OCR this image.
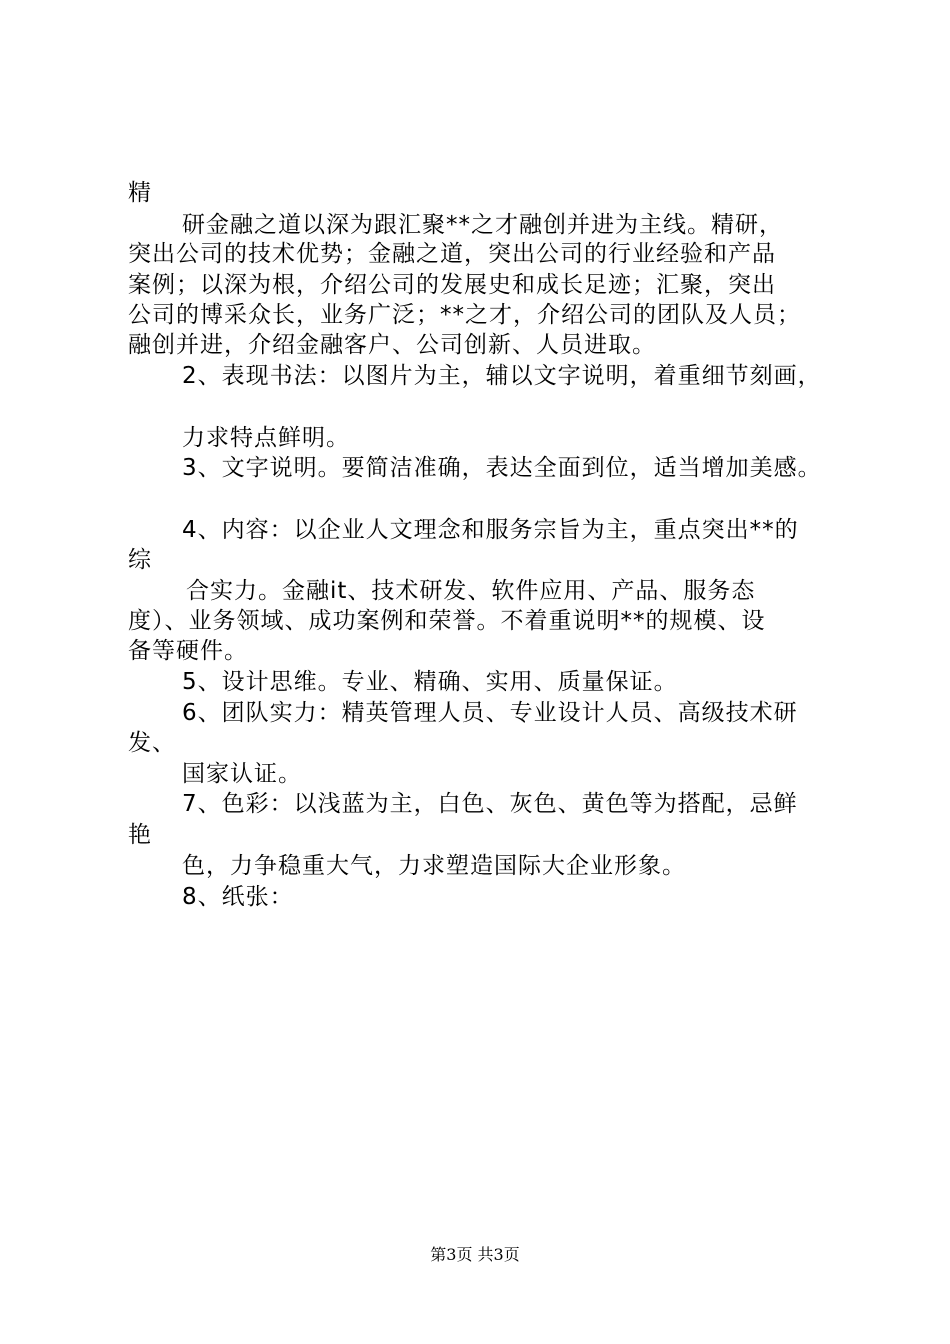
精
研金融之道以深为跟汇聚**之才融创并进为主线。精研，
突出公司的技术优势；金融之道，突出公司的行业经验和产品
案例；以深为根，介绍公司的发展史和成长足迹；汇聚，突出
公司的博采众长，业务广泛；**之才，介绍公司的团队及人员；
融创并进，介绍金融客户、公司创新、人员进取。
2、表现书法：以图片为主，辅以文字说明，着重细节刻画，
力求特点鲜明。
3、文字说明。要简洁准确，表达全面到位，适当增加美感。
4、内容：以企业人文理念和服务宗旨为主，重点突出**的
综
合实力。金融it、技术研发、软件应用、产品、服务态
度）、业务领域、成功案例和荣誉。不着重说明**的规模、设
备等硬件。
5、设计思维。专业、精确、实用、质量保证。
6、团队实力：精英管理人员、专业设计人员、高级技术研
发、
国家认证。
7、色彩：以浅蓝为主，白色、灰色、黄色等为搭配，忌鲜
艳
色，力争稳重大气，力求塑造国际大企业形象。
8、纸张：
第3页 共3页
